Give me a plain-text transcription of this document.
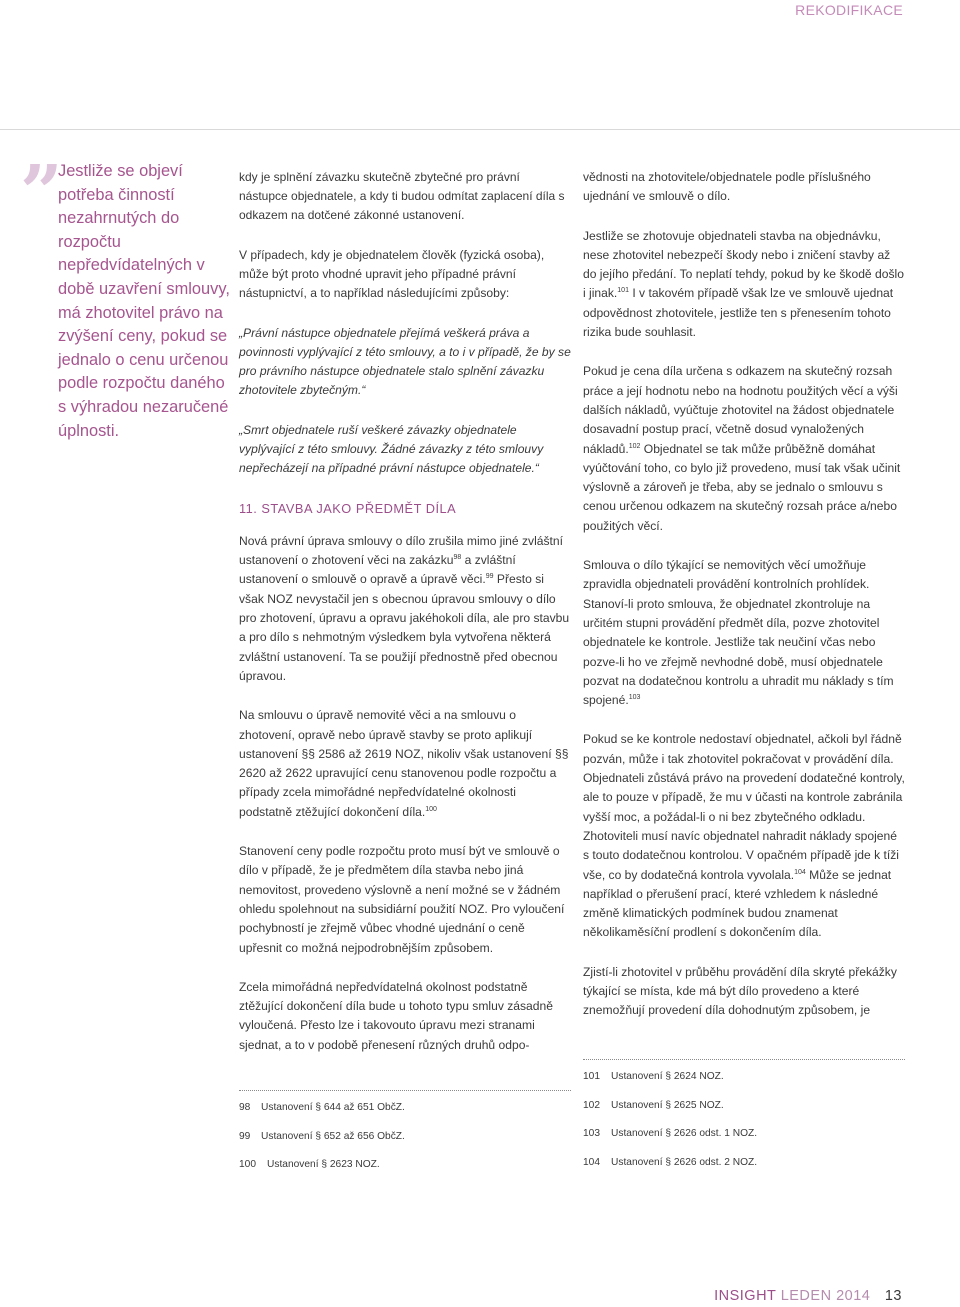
REKODIFIKACE
” Jestliže se objeví potřeba činností nezahrnutých do rozpočtu nepředvídatelných v době uzavření smlouvy, má zhotovitel právo na zvýšení ceny, pokud se jednalo o cenu určenou podle rozpočtu daného s výhradou nezaručené úplnosti.

kdy je splnění závazku skutečně zbytečné pro právní nástupce objednatele, a kdy ti budou odmítat zaplacení díla s odkazem na dotčené zákonné ustanovení.

V případech, kdy je objednatelem člověk (fyzická osoba), může být proto vhodné upravit jeho případné právní nástupnictví, a to například následujícími způsoby:

„Právní nástupce objednatele přejímá veškerá práva a povinnosti vyplývající z této smlouvy, a to i v případě, že by se pro právního nástupce objednatele stalo splnění závazku zhotovitele zbytečným.“

„Smrt objednatele ruší veškeré závazky objednatele vyplývající z této smlouvy. Žádné závazky z této smlouvy nepřecházejí na případné právní nástupce objednatele.“

11. STAVBA JAKO PŘEDMĚT DÍLA

Nová právní úprava smlouvy o dílo zrušila mimo jiné zvláštní ustanovení o zhotovení věci na zakázku$^{98}$ a zvláštní ustanovení o smlouvě o opravě a úpravě věci.$^{99}$ Přesto si však NOZ nevystačil jen s obecnou úpravou smlouvy o dílo pro zhotovení, úpravu a opravu jakéhokoli díla, ale pro stavbu a pro dílo s nehmotným výsledkem byla vytvořena některá zvláštní ustanovení. Ta se použijí přednostně před obecnou úpravou.

Na smlouvu o úpravě nemovité věci a na smlouvu o zhotovení, opravě nebo úpravě stavby se proto aplikují ustanovení §§ 2586 až 2619 NOZ, nikoliv však ustanovení §§ 2620 až 2622 upravující cenu stanovenou podle rozpočtu a případy zcela mimořádné nepředvídatelné okolnosti podstatně ztěžující dokončení díla.$^{100}$

Stanovení ceny podle rozpočtu proto musí být ve smlouvě o dílo v případě, že je předmětem díla stavba nebo jiná nemovitost, provedeno výslovně a není možné se v žádném ohledu spolehnout na subsidiární použití NOZ. Pro vyloučení pochybností je zřejmě vůbec vhodné ujednání o ceně upřesnit co možná nejpodrobnějším způsobem.

Zcela mimořádná nepředvídatelná okolnost podstatně ztěžující dokončení díla bude u tohoto typu smluv zásadně vyloučená. Přesto lze i takovouto úpravu mezi stranami sjednat, a to v podobě přenesení různých druhů odpo-

vědnosti na zhotovitele/objednatele podle příslušného ujednání ve smlouvě o dílo.

Jestliže se zhotovuje objednateli stavba na objednávku, nese zhotovitel nebezpečí škody nebo i zničení stavby až do jejího předání. To neplatí tehdy, pokud by ke škodě došlo i jinak.$^{101}$ I v takovém případě však lze ve smlouvě ujednat odpovědnost zhotovitele, jestliže ten s přenesením tohoto rizika bude souhlasit.

Pokud je cena díla určena s odkazem na skutečný rozsah práce a její hodnotu nebo na hodnotu použitých věcí a výši dalších nákladů, vyúčtuje zhotovitel na žádost objednatele dosavadní postup prací, včetně dosud vynaložených nákladů.$^{102}$ Objednatel se tak může průběžně domáhat vyúčtování toho, co bylo již provedeno, musí tak však učinit výslovně a zároveň je třeba, aby se jednalo o smlouvu s cenou určenou odkazem na skutečný rozsah práce a/nebo použitých věcí.

Smlouva o dílo týkající se nemovitých věcí umožňuje zpravidla objednateli provádění kontrolních prohlídek. Stanoví-li proto smlouva, že objednatel zkontroluje na určitém stupni provádění předmět díla, pozve zhotovitel objednatele ke kontrole. Jestliže tak neučiní včas nebo pozve-li ho ve zřejmě nevhodné době, musí objednatele pozvat na dodatečnou kontrolu a uhradit mu náklady s tím spojené.$^{103}$

Pokud se ke kontrole nedostaví objednatel, ačkoli byl řádně pozván, může i tak zhotovitel pokračovat v provádění díla. Objednateli zůstává právo na provedení dodatečné kontroly, ale to pouze v případě, že mu v účasti na kontrole zabránila vyšší moc, a požádal-li o ni bez zbytečného odkladu. Zhotoviteli musí navíc objednatel nahradit náklady spojené s touto dodatečnou kontrolou. V opačném případě jde k tíži vše, co by dodatečná kontrola vyvolala.$^{104}$ Může se jednat například o přerušení prací, které vzhledem k následné změně klimatických podmínek budou znamenat několikaměsíční prodlení s dokončením díla.

Zjistí-li zhotovitel v průběhu provádění díla skryté překážky týkající se místa, kde má být dílo provedeno a které znemožňují provedení díla dohodnutým způsobem, je

98 Ustanovení § 644 až 651 ObčZ.
99 Ustanovení § 652 až 656 ObčZ.
100 Ustanovení § 2623 NOZ.
101 Ustanovení § 2624 NOZ.
102 Ustanovení § 2625 NOZ.
103 Ustanovení § 2626 odst. 1 NOZ.
104 Ustanovení § 2626 odst. 2 NOZ.
INSIGHT LEDEN 2014 13
